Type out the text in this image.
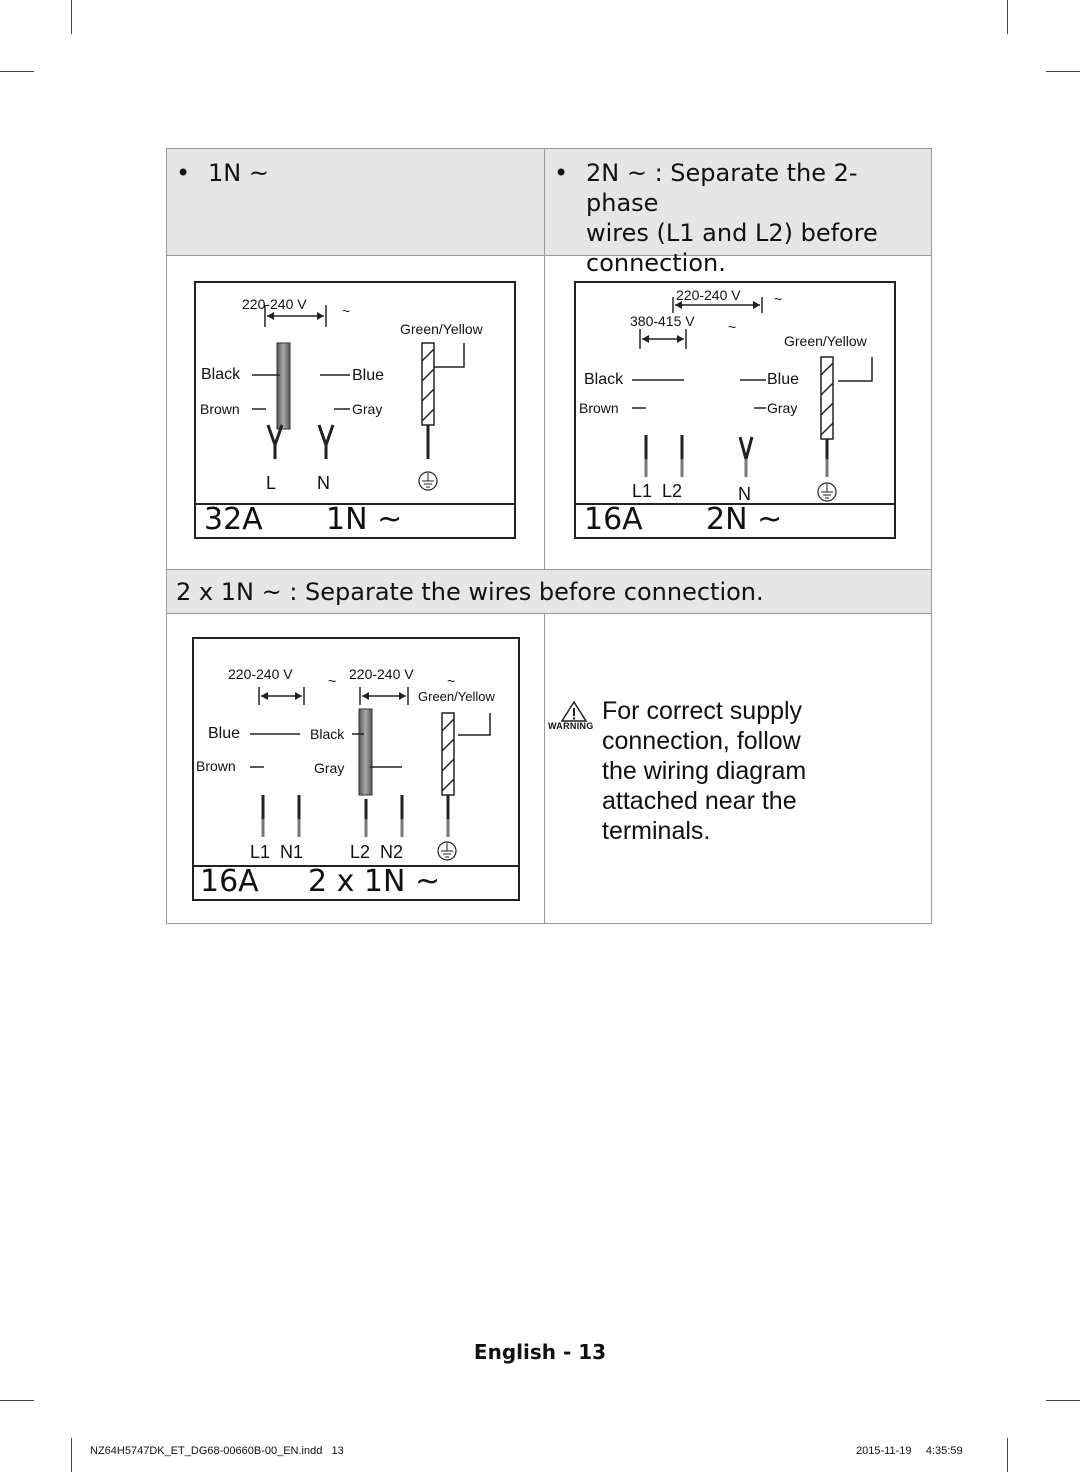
• 1N ~	• 2N ~ : Separate the 2-phase
wires (L1 and L2) before
connection.
2 x 1N ~ : Separate the wires before connection.
220-240 V	~
Green/Yellow
Black	Blue
Brown	Gray
L N
32A 1N ~
220-240 V ~
380-415 V ~
Green/Yellow
Black	Blue
Brown	Gray
L1  L2	N
16A 2N ~
220-240 V	~ 220-240 V ~
Green/Yellow
Blue	Black
Brown	Gray
L1  N1	L2  N2
16A 2 x 1N ~
WARNING
For correct supply
connection, follow
the wiring diagram
attached near the
terminals.
English - 13
NZ64H5747DK_ET_DG68-00660B-00_EN.indd   13	2015-11-19     4:35:59
